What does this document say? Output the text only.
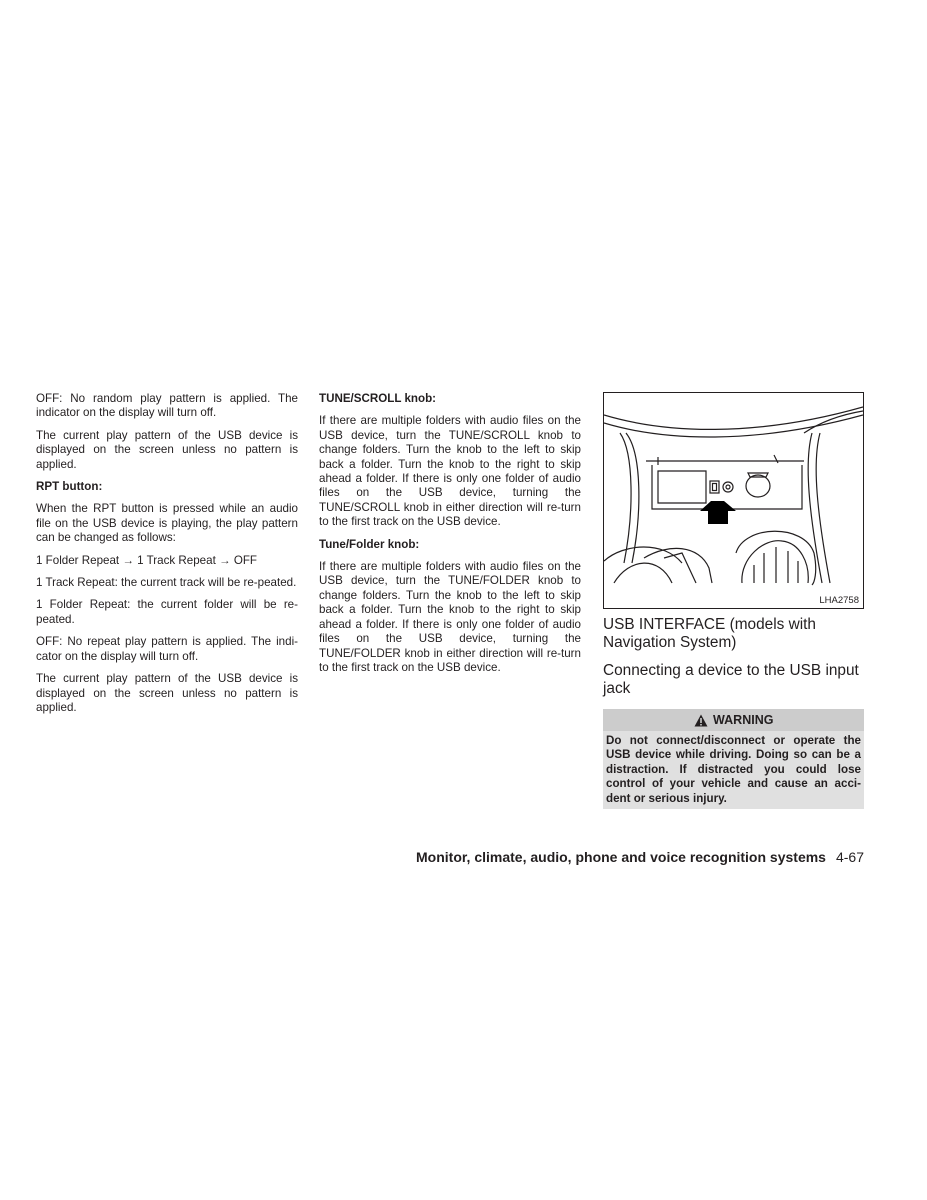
OFF: No random play pattern is applied. The indicator on the display will turn off.

The current play pattern of the USB device is displayed on the screen unless no pattern is applied.

RPT button:

When the RPT button is pressed while an audio file on the USB device is playing, the play pattern can be changed as follows:

1 Folder Repeat → 1 Track Repeat → OFF

1 Track Repeat: the current track will be re-peated.

1 Folder Repeat: the current folder will be re-peated.

OFF: No repeat play pattern is applied. The indi-cator on the display will turn off.

The current play pattern of the USB device is displayed on the screen unless no pattern is applied.

TUNE/SCROLL knob:

If there are multiple folders with audio files on the USB device, turn the TUNE/SCROLL knob to change folders. Turn the knob to the left to skip back a folder. Turn the knob to the right to skip ahead a folder. If there is only one folder of audio files on the USB device, turning the TUNE/SCROLL knob in either direction will re-turn to the first track on the USB device.

Tune/Folder knob:

If there are multiple folders with audio files on the USB device, turn the TUNE/FOLDER knob to change folders. Turn the knob to the left to skip back a folder. Turn the knob to the right to skip ahead a folder. If there is only one folder of audio files on the USB device, turning the TUNE/FOLDER knob in either direction will re-turn to the first track on the USB device.

LHA2758
USB INTERFACE (models with Navigation System)
Connecting a device to the USB input jack
WARNING
Do not connect/disconnect or operate the USB device while driving. Doing so can be a distraction. If distracted you could lose control of your vehicle and cause an acci-dent or serious injury.
Monitor, climate, audio, phone and voice recognition systems 4-67
